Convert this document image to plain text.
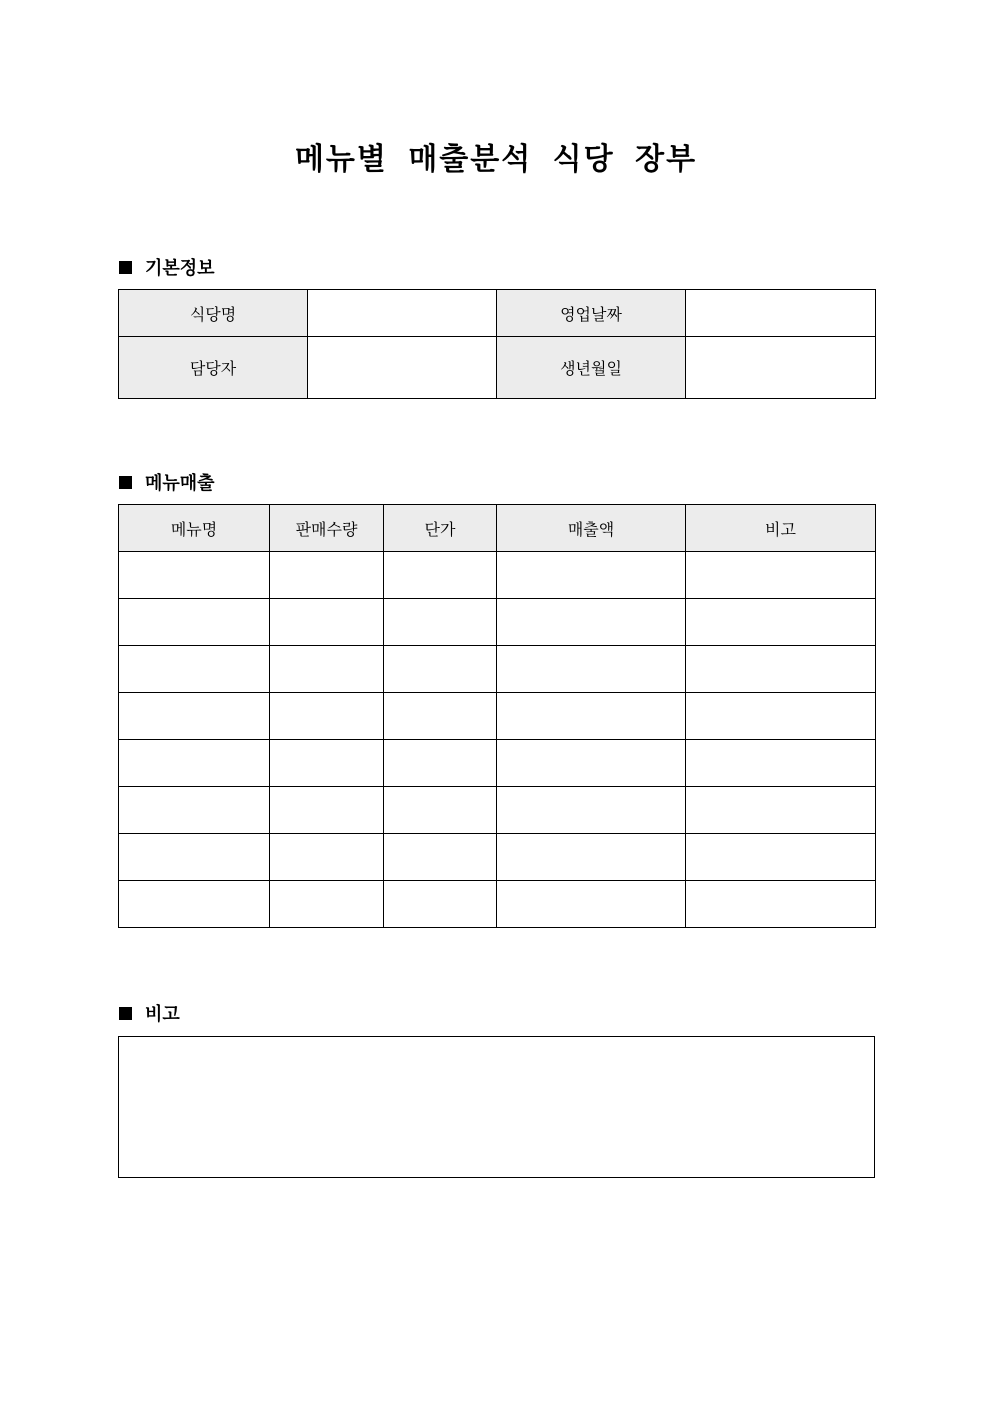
메뉴별 매출분석 식당 장부
기본정보
식당명		영업날짜	
담당자		생년월일	
메뉴매출
메뉴명	판매수량	단가	매출액	비고

비고
